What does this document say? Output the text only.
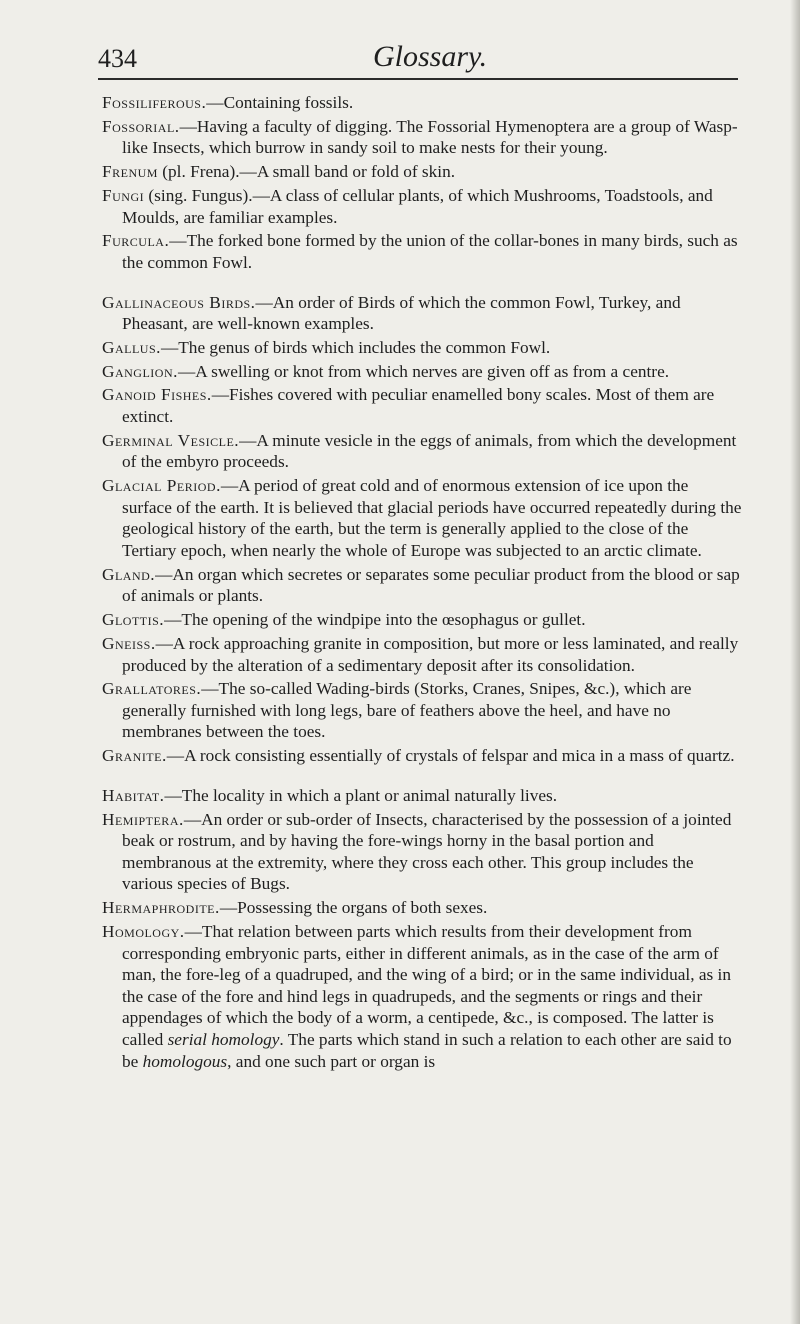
434	Glossary.

Fossiliferous.—Containing fossils.

Fossorial.—Having a faculty of digging. The Fossorial Hymenoptera are a group of Wasp-like Insects, which burrow in sandy soil to make nests for their young.

Frenum (pl. Frena).—A small band or fold of skin.

Fungi (sing. Fungus).—A class of cellular plants, of which Mushrooms, Toadstools, and Moulds, are familiar examples.

Furcula.—The forked bone formed by the union of the collar-bones in many birds, such as the common Fowl.

Gallinaceous Birds.—An order of Birds of which the common Fowl, Turkey, and Pheasant, are well-known examples.

Gallus.—The genus of birds which includes the common Fowl.

Ganglion.—A swelling or knot from which nerves are given off as from a centre.

Ganoid Fishes.—Fishes covered with peculiar enamelled bony scales. Most of them are extinct.

Germinal Vesicle.—A minute vesicle in the eggs of animals, from which the development of the embyro proceeds.

Glacial Period.—A period of great cold and of enormous extension of ice upon the surface of the earth. It is believed that glacial periods have occurred repeatedly during the geological history of the earth, but the term is generally applied to the close of the Tertiary epoch, when nearly the whole of Europe was subjected to an arctic climate.

Gland.—An organ which secretes or separates some peculiar product from the blood or sap of animals or plants.

Glottis.—The opening of the windpipe into the œsophagus or gullet.

Gneiss.—A rock approaching granite in composition, but more or less laminated, and really produced by the alteration of a sedimentary deposit after its consolidation.

Grallatores.—The so-called Wading-birds (Storks, Cranes, Snipes, &c.), which are generally furnished with long legs, bare of feathers above the heel, and have no membranes between the toes.

Granite.—A rock consisting essentially of crystals of felspar and mica in a mass of quartz.

Habitat.—The locality in which a plant or animal naturally lives.

Hemiptera.—An order or sub-order of Insects, characterised by the possession of a jointed beak or rostrum, and by having the fore-wings horny in the basal portion and membranous at the extremity, where they cross each other. This group includes the various species of Bugs.

Hermaphrodite.—Possessing the organs of both sexes.

Homology.—That relation between parts which results from their development from corresponding embryonic parts, either in different animals, as in the case of the arm of man, the fore-leg of a quadruped, and the wing of a bird; or in the same individual, as in the case of the fore and hind legs in quadrupeds, and the segments or rings and their appendages of which the body of a worm, a centipede, &c., is composed. The latter is called serial homology. The parts which stand in such a relation to each other are said to be homologous, and one such part or organ is
